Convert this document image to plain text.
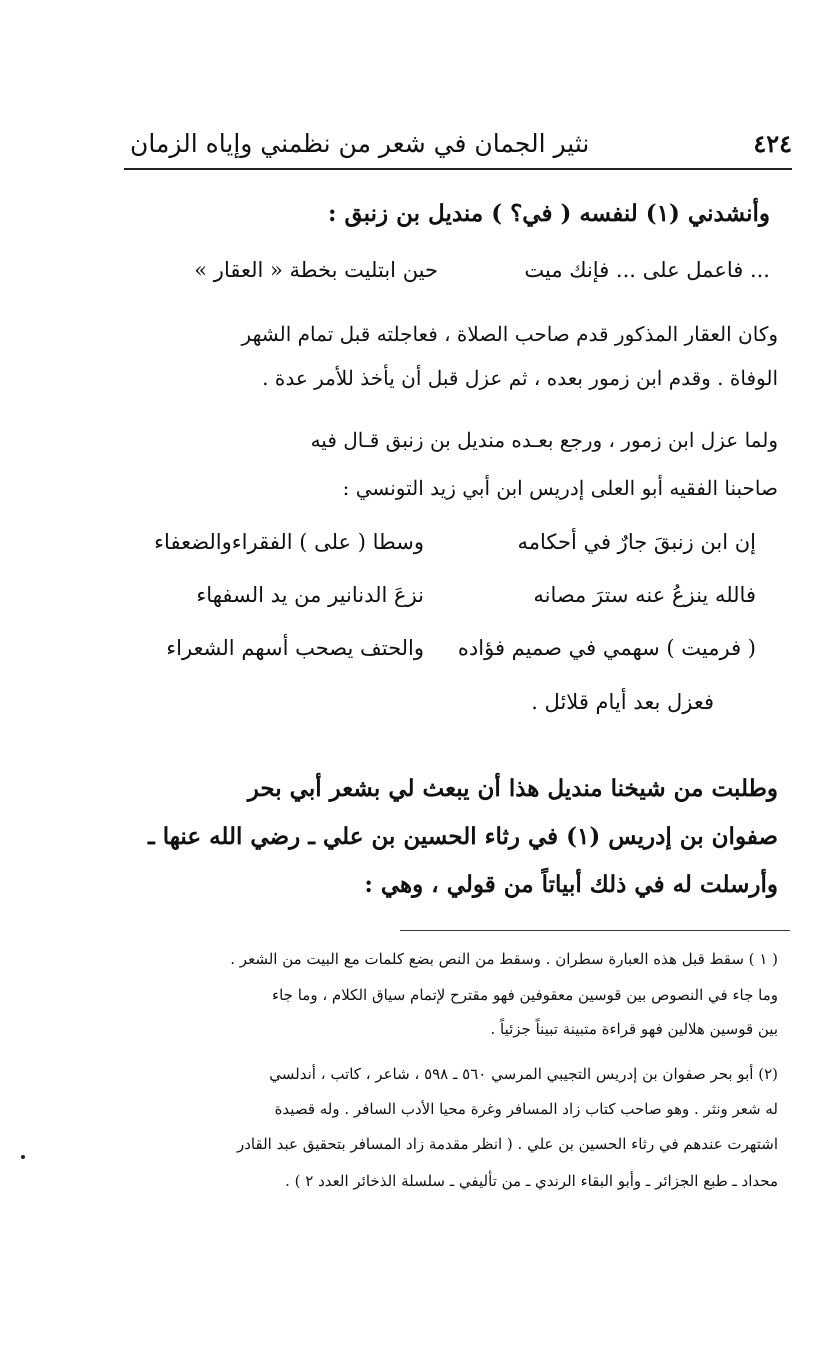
٤٢٤
نثير الجمان في شعر من نظمني وإياه الزمان
وأنشدني (١) لنفسه ( في؟ ) منديل بن زنبق :
... فاعمل على ... فإنك ميت
حين ابتليت بخطة « العقار »
وكان العقار المذكور قدم صاحب الصلاة ، فعاجلته قبل تمام الشهر
الوفاة . وقدم ابن زمور بعده ، ثم عزل قبل أن يأخذ للأمر عدة .
ولما عزل ابن زمور ، ورجع بعـده منديل بن زنبق قـال فيه
صاحبنا الفقيه أبو العلى إدريس ابن أبي زيد التونسي :
إن ابن زنبقَ جارٌ في أحكامه
وسطا ( على ) الفقراءوالضعفاء
فالله ينزعُ عنه سترَ مصانه
نزعَ الدنانير من يد السفهاء
( فرميت ) سهمي في صميم فؤاده
والحتف يصحب أسهم الشعراء
فعزل بعد أيام قلائل .
وطلبت من شيخنا منديل هذا أن يبعث لي بشعر أبي بحر
صفوان بن إدريس (١) في رثاء الحسين بن علي ـ رضي الله عنها ـ
وأرسلت له في ذلك أبياتاً من قولي ، وهي :
( ١ ) سقط قبل هذه العبارة سطران . وسقط من النص بضع كلمات مع البيت من الشعر .
وما جاء في النصوص بين قوسين معقوفين فهو مقترح لإتمام سياق الكلام ، وما جاء
بين قوسين هلالين فهو قراءة متبينة تبيناً جزئياً .
(٢) أبو بحر صفوان بن إدريس التجيبي المرسي ٥٦٠ ـ ٥٩٨ ، شاعر ، كاتب ، أندلسي
له شعر ونثر . وهو صاحب كتاب زاد المسافر وغرة محيا الأدب السافر . وله قصيدة
اشتهرت عندهم في رثاء الحسين بن علي . ( انظر مقدمة زاد المسافر بتحقيق عبد القادر
محداد ـ طبع الجزائر ـ وأبو البقاء الرندي ـ من تأليفي ـ سلسلة الذخائر العدد ٢ ) .
